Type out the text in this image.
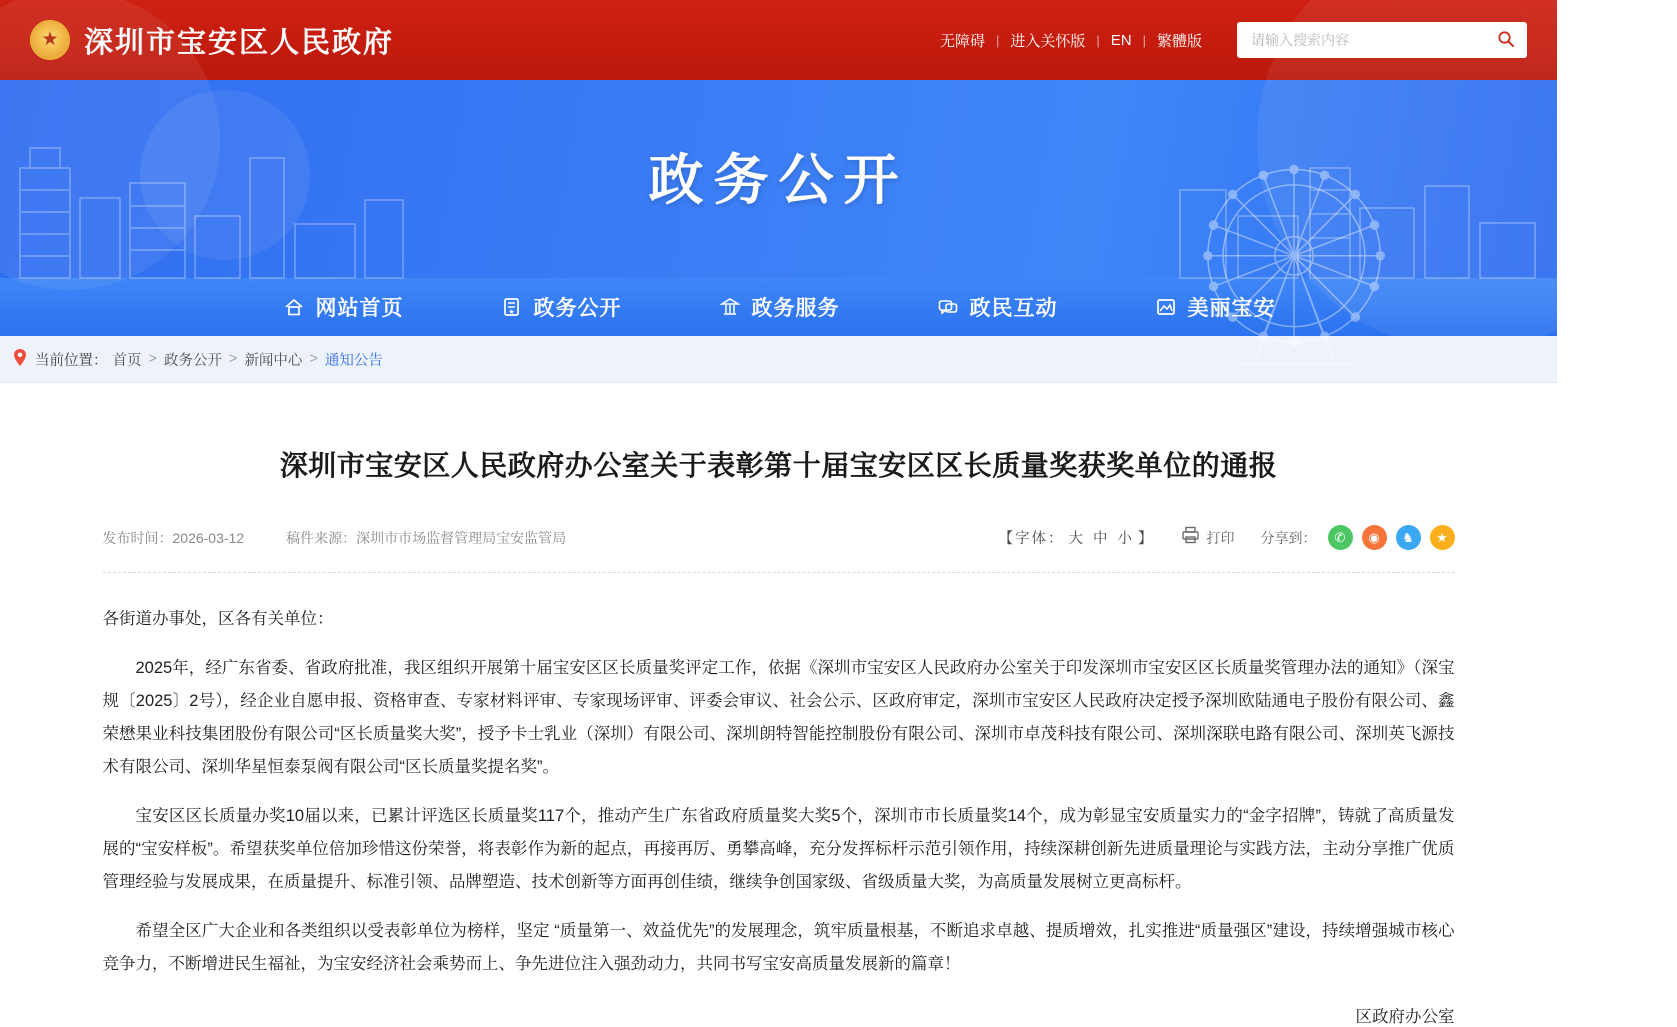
★
深圳市宝安区人民政府	无障碍 | 进入关怀版 | EN | 繁體版
请输入搜索内容
政务公开
网站首页	★ 政务公开	政务服务	政民互动	美丽宝安
当前位置： 首页 > 政务公开 > 新闻中心 > 通知公告
深圳市宝安区人民政府办公室关于表彰第十届宝安区区长质量奖获奖单位的通报
发布时间：2026-03-12	稿件来源：深圳市市场监督管理局宝安监管局	【字体： 大 中 小 】	打印 分享到：	✆	◉	♞	★

各街道办事处，区各有关单位：

2025年，经广东省委、省政府批准，我区组织开展第十届宝安区区长质量奖评定工作，依据《深圳市宝安区人民政府办公室关于印发深圳市宝安区区长质量奖管理办法的通知》（深宝规〔2025〕2号），经企业自愿申报、资格审查、专家材料评审、专家现场评审、评委会审议、社会公示、区政府审定，深圳市宝安区人民政府决定授予深圳欧陆通电子股份有限公司、鑫荣懋果业科技集团股份有限公司“区长质量奖大奖”，授予卡士乳业（深圳）有限公司、深圳朗特智能控制股份有限公司、深圳市卓茂科技有限公司、深圳深联电路有限公司、深圳英飞源技术有限公司、深圳华星恒泰泵阀有限公司“区长质量奖提名奖”。

宝安区区长质量办奖10届以来，已累计评选区长质量奖117个，推动产生广东省政府质量奖大奖5个，深圳市市长质量奖14个，成为彰显宝安质量实力的“金字招牌”，铸就了高质量发展的“宝安样板”。希望获奖单位倍加珍惜这份荣誉，将表彰作为新的起点，再接再厉、勇攀高峰，充分发挥标杆示范引领作用，持续深耕创新先进质量理论与实践方法，主动分享推广优质管理经验与发展成果，在质量提升、标准引领、品牌塑造、技术创新等方面再创佳绩，继续争创国家级、省级质量大奖，为高质量发展树立更高标杆。

希望全区广大企业和各类组织以受表彰单位为榜样，坚定 “质量第一、效益优先”的发展理念，筑牢质量根基，不断追求卓越、提质增效，扎实推进“质量强区”建设，持续增强城市核心竞争力，不断增进民生福祉，为宝安经济社会乘势而上、争先进位注入强劲动力，共同书写宝安高质量发展新的篇章！

区政府办公室
